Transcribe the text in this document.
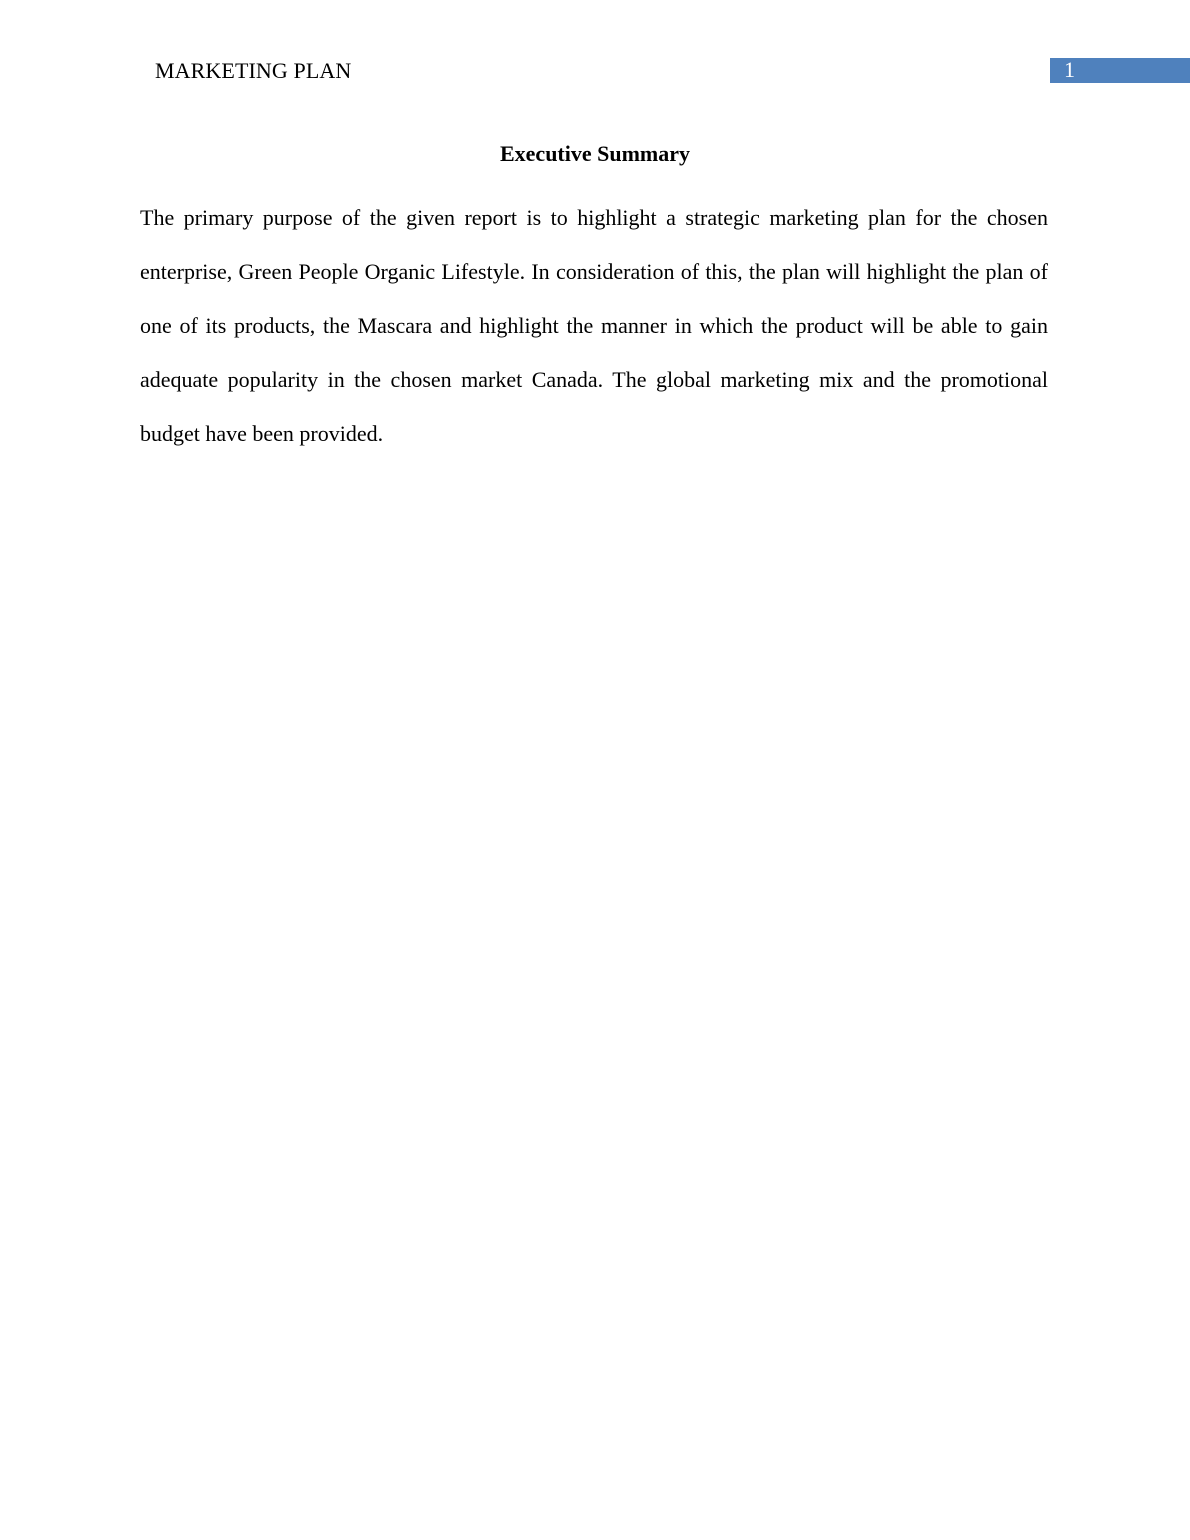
MARKETING PLAN	1
Executive Summary

The primary purpose of the given report is to highlight a strategic marketing plan for the chosen enterprise, Green People Organic Lifestyle. In consideration of this, the plan will highlight the plan of one of its products, the Mascara and highlight the manner in which the product will be able to gain adequate popularity in the chosen market Canada. The global marketing mix and the promotional budget have been provided.
